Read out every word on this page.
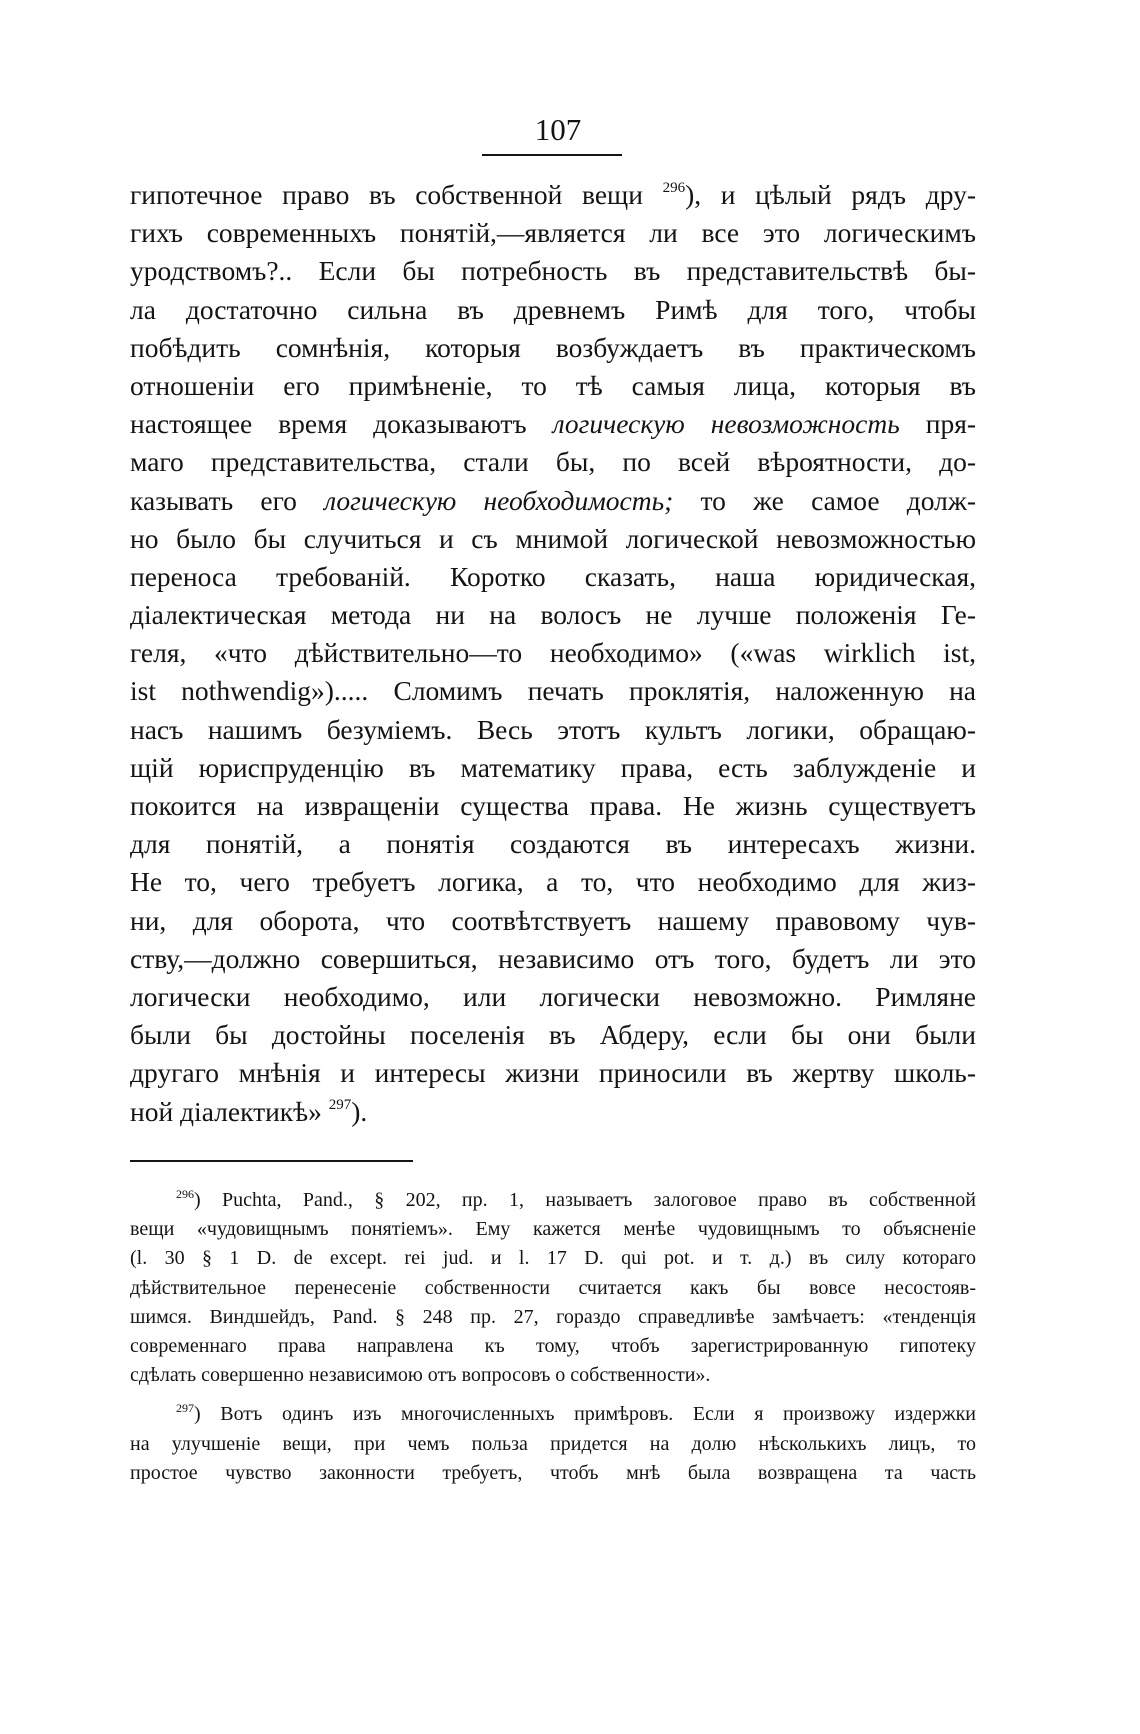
107
гипотечное право въ собственной вещи $^{296}$), и цѣлый рядъ дру-
гихъ современныхъ понятій,—является ли все это логическимъ
уродствомъ?.. Если бы потребность въ представительствѣ бы-
ла достаточно сильна въ древнемъ Римѣ для того, чтобы
побѣдить сомнѣнія, которыя возбуждаетъ въ практическомъ
отношеніи его примѣненіе, то тѣ самыя лица, которыя въ
настоящее время доказываютъ логическую невозможность пря-
маго представительства, стали бы, по всей вѣроятности, до-
казывать его логическую необходимость; то же самое долж-
но было бы случиться и съ мнимой логической невозможностью
переноса требованій. Коротко сказать, наша юридическая,
діалектическая метода ни на волосъ не лучше положенія Ге-
геля, «что дѣйствительно—то необходимо» («was wirklich ist,
ist nothwendig»)..... Сломимъ печать проклятія, наложенную на
насъ нашимъ безуміемъ. Весь этотъ культъ логики, обращаю-
щій юриспруденцію въ математику права, есть заблужденіе и
покоится на извращеніи существа права. Не жизнь существуетъ
для понятій, а понятія создаются въ интересахъ жизни.
Не то, чего требуетъ логика, а то, что необходимо для жиз-
ни, для оборота, что соотвѣтствуетъ нашему правовому чув-
ству,—должно совершиться, независимо отъ того, будетъ ли это
логически необходимо, или логически невозможно. Римляне
были бы достойны поселенія въ Абдеру, если бы они были
другаго мнѣнія и интересы жизни приносили въ жертву школь-
ной діалектикѣ» $^{297}$).
$^{296}$) Puchta, Pand., § 202, пр. 1, называетъ залоговое право въ собственной
вещи «чудовищнымъ понятіемъ». Ему кажется менѣе чудовищнымъ то объясненіе
(l. 30 § 1 D. de except. rei jud. и l. 17 D. qui pot. и т. д.) въ силу котораго
дѣйствительное перенесеніе собственности считается какъ бы вовсе несостояв-
шимся. Виндшейдъ, Pand. § 248 пр. 27, гораздо справедливѣе замѣчаетъ: «тенденція
современнаго права направлена къ тому, чтобъ зарегистрированную гипотеку
сдѣлать совершенно независимою отъ вопросовъ о собственности».
$^{297}$) Вотъ одинъ изъ многочисленныхъ примѣровъ. Если я произвожу издержки
на улучшеніе вещи, при чемъ польза придется на долю нѣсколькихъ лицъ, то
простое чувство законности требуетъ, чтобъ мнѣ была возвращена та часть
